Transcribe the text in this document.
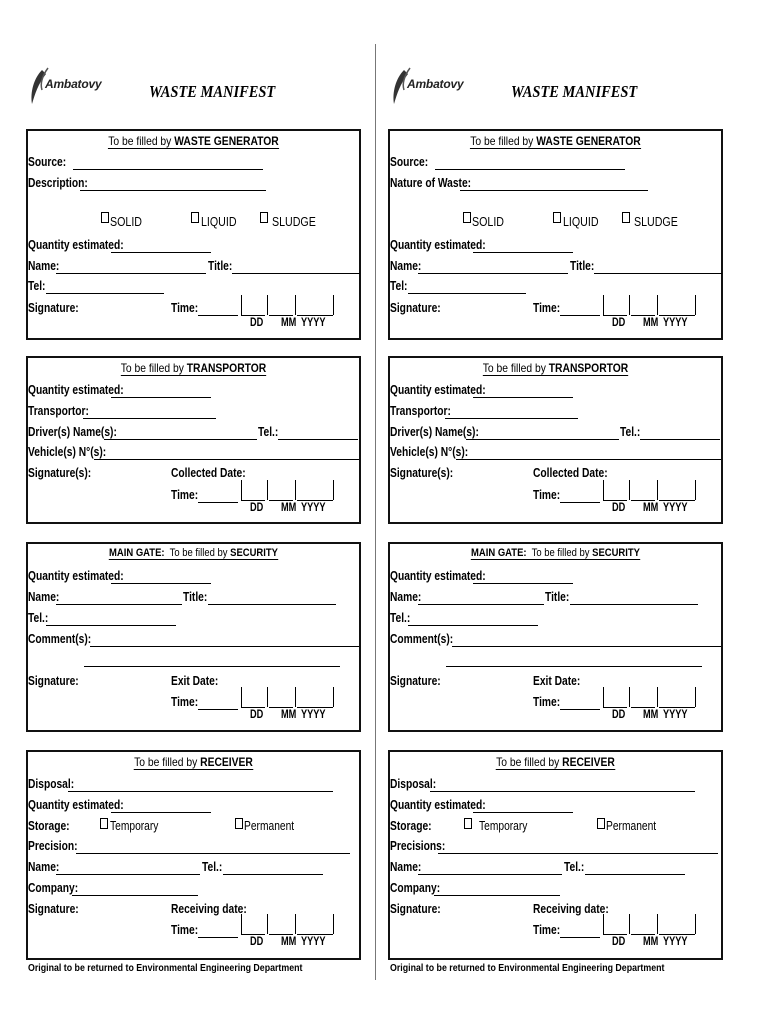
Ambatovy	WASTE MANIFEST
To be filled by WASTE GENERATOR
Source:
Description:
SOLID	LIQUID	SLUDGE
Quantity estimated:
Name:	Title:
Tel:
Signature:	Time:
DD MM YYYY
To be filled by TRANSPORTOR
Quantity estimated:
Transportor:
Driver(s) Name(s):	Tel.:
Vehicle(s) N°(s):
Signature(s):	Collected Date:
Time:
DD MM YYYY
MAIN GATE: To be filled by SECURITY
Quantity estimated:
Name:	Title:
Tel.:
Comment(s):
Signature:	Exit Date:
Time:
DD MM YYYY
To be filled by RECEIVER
Disposal:
Quantity estimated:
Storage:	Temporary	Permanent
Precision:
Name:	Tel.:
Company:
Signature:	Receiving date:
Time:
DD MM YYYY
Original to be returned to Environmental Engineering Department
Ambatovy	WASTE MANIFEST
To be filled by WASTE GENERATOR
Source:
Nature of Waste:
SOLID	LIQUID	SLUDGE
Quantity estimated:
Name:	Title:
Tel:
Signature:	Time:
DD MM YYYY
To be filled by TRANSPORTOR
Quantity estimated:
Transportor:
Driver(s) Name(s):	Tel.:
Vehicle(s) N°(s):
Signature(s):	Collected Date:
Time:
DD MM YYYY
MAIN GATE: To be filled by SECURITY
Quantity estimated:
Name:	Title:
Tel.:
Comment(s):
Signature:	Exit Date:
Time:
DD MM YYYY
To be filled by RECEIVER
Disposal:
Quantity estimated:
Storage:	Temporary	Permanent
Precisions:
Name:	Tel.:
Company:
Signature:	Receiving date:
Time:
DD MM YYYY
Original to be returned to Environmental Engineering Department
